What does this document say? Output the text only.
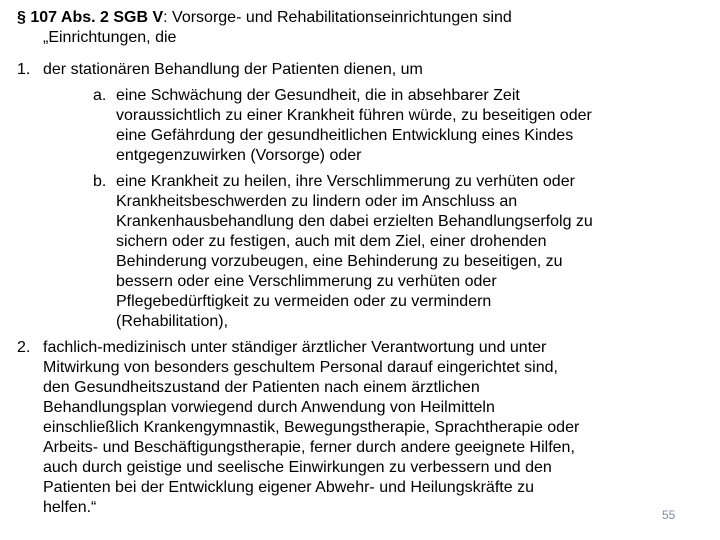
§ 107 Abs. 2 SGB V: Vorsorge- und Rehabilitationseinrichtungen sind
„Einrichtungen, die
1. der stationären Behandlung der Patienten dienen, um
a. eine Schwächung der Gesundheit, die in absehbarer Zeit
voraussichtlich zu einer Krankheit führen würde, zu beseitigen oder
eine Gefährdung der gesundheitlichen Entwicklung eines Kindes
entgegenzuwirken (Vorsorge) oder
b. eine Krankheit zu heilen, ihre Verschlimmerung zu verhüten oder
Krankheitsbeschwerden zu lindern oder im Anschluss an
Krankenhausbehandlung den dabei erzielten Behandlungserfolg zu
sichern oder zu festigen, auch mit dem Ziel, einer drohenden
Behinderung vorzubeugen, eine Behinderung zu beseitigen, zu
bessern oder eine Verschlimmerung zu verhüten oder
Pflegebedürftigkeit zu vermeiden oder zu vermindern
(Rehabilitation),
2. fachlich-medizinisch unter ständiger ärztlicher Verantwortung und unter
Mitwirkung von besonders geschultem Personal darauf eingerichtet sind,
den Gesundheitszustand der Patienten nach einem ärztlichen
Behandlungsplan vorwiegend durch Anwendung von Heilmitteln
einschließlich Krankengymnastik, Bewegungstherapie, Sprachtherapie oder
Arbeits- und Beschäftigungstherapie, ferner durch andere geeignete Hilfen,
auch durch geistige und seelische Einwirkungen zu verbessern und den
Patienten bei der Entwicklung eigener Abwehr- und Heilungskräfte zu
helfen.“	55
